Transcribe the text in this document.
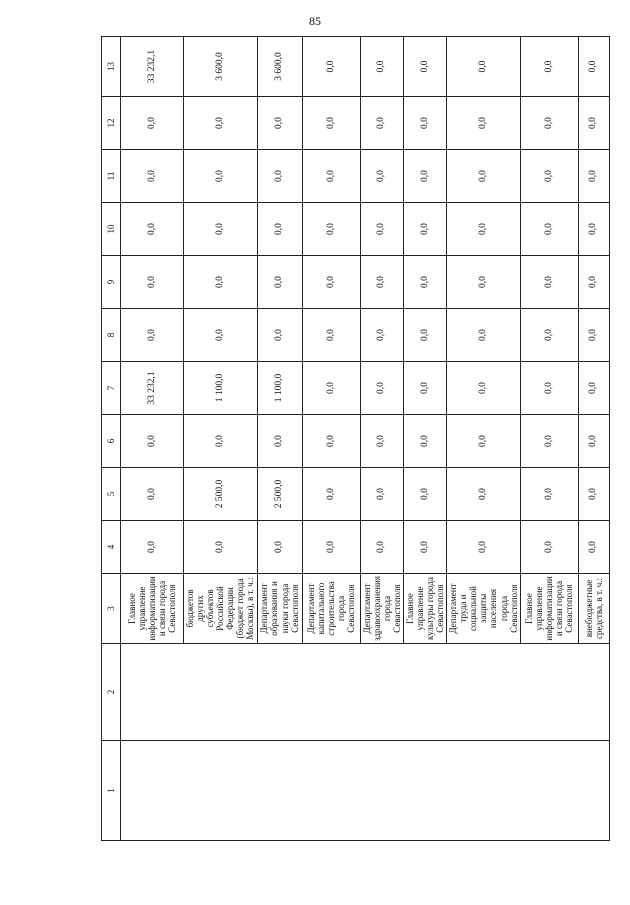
85
1	2	3	4	5	6	7	8	9	10	11	12	13
		Главное управление информатизации и связи города Севастополя	0,0	0,0	0,0	33 232,1	0,0	0,0	0,0	0,0	0,0	33 232,1
		бюджетов других субъектов Российской Федерации (бюджет города Москвы), в т. ч.:	0,0	2 500,0	0,0	1 100,0	0,0	0,0	0,0	0,0	0,0	3 600,0
		Департамент образования и науки города Севастополя	0,0	2 500,0	0,0	1 100,0	0,0	0,0	0,0	0,0	0,0	3 600,0
		Департамент капитального строительства города Севастополя	0,0	0,0	0,0	0,0	0,0	0,0	0,0	0,0	0,0	0,0
		Департамент здравоохранения города Севастополя	0,0	0,0	0,0	0,0	0,0	0,0	0,0	0,0	0,0	0,0
		Главное управление культуры города Севастополя	0,0	0,0	0,0	0,0	0,0	0,0	0,0	0,0	0,0	0,0
		Департамент труда и социальной защиты населения города Севастополя	0,0	0,0	0,0	0,0	0,0	0,0	0,0	0,0	0,0	0,0
		Главное управление информатизации и связи города Севастополя	0,0	0,0	0,0	0,0	0,0	0,0	0,0	0,0	0,0	0,0
		внебюджетные средства, в т. ч.:	0,0	0,0	0,0	0,0	0,0	0,0	0,0	0,0	0,0	0,0
